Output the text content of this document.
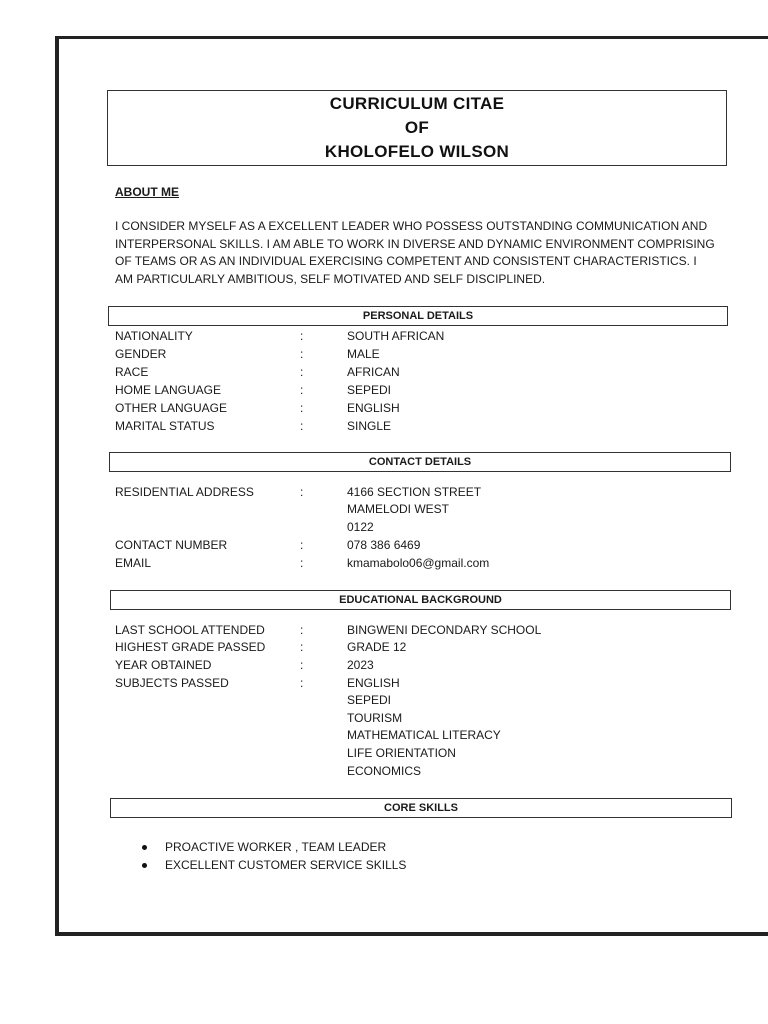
CURRICULUM CITAE
OF
KHOLOFELO WILSON
ABOUT ME
I CONSIDER MYSELF AS A EXCELLENT LEADER WHO POSSESS OUTSTANDING COMMUNICATION AND INTERPERSONAL SKILLS. I AM ABLE TO WORK IN DIVERSE AND DYNAMIC ENVIRONMENT COMPRISING OF TEAMS OR AS AN INDIVIDUAL EXERCISING COMPETENT AND CONSISTENT CHARACTERISTICS. I AM PARTICULARLY AMBITIOUS, SELF MOTIVATED AND SELF DISCIPLINED.
PERSONAL DETAILS
NATIONALITY	:	SOUTH AFRICAN
GENDER	:	MALE
RACE	:	AFRICAN
HOME LANGUAGE	:	SEPEDI
OTHER LANGUAGE	:	ENGLISH
MARITAL STATUS	:	SINGLE
CONTACT DETAILS
RESIDENTIAL ADDRESS	:	4166 SECTION STREET
MAMELODI WEST
0122
CONTACT NUMBER	:	078 386 6469
EMAIL	:	kmamabolo06@gmail.com
EDUCATIONAL BACKGROUND
LAST SCHOOL ATTENDED	:	BINGWENI DECONDARY SCHOOL
HIGHEST GRADE PASSED	:	GRADE 12
YEAR OBTAINED	:	2023
SUBJECTS PASSED	:	ENGLISH
SEPEDI
TOURISM
MATHEMATICAL LITERACY
LIFE ORIENTATION
ECONOMICS
CORE SKILLS
PROACTIVE WORKER , TEAM LEADER
EXCELLENT CUSTOMER SERVICE SKILLS
